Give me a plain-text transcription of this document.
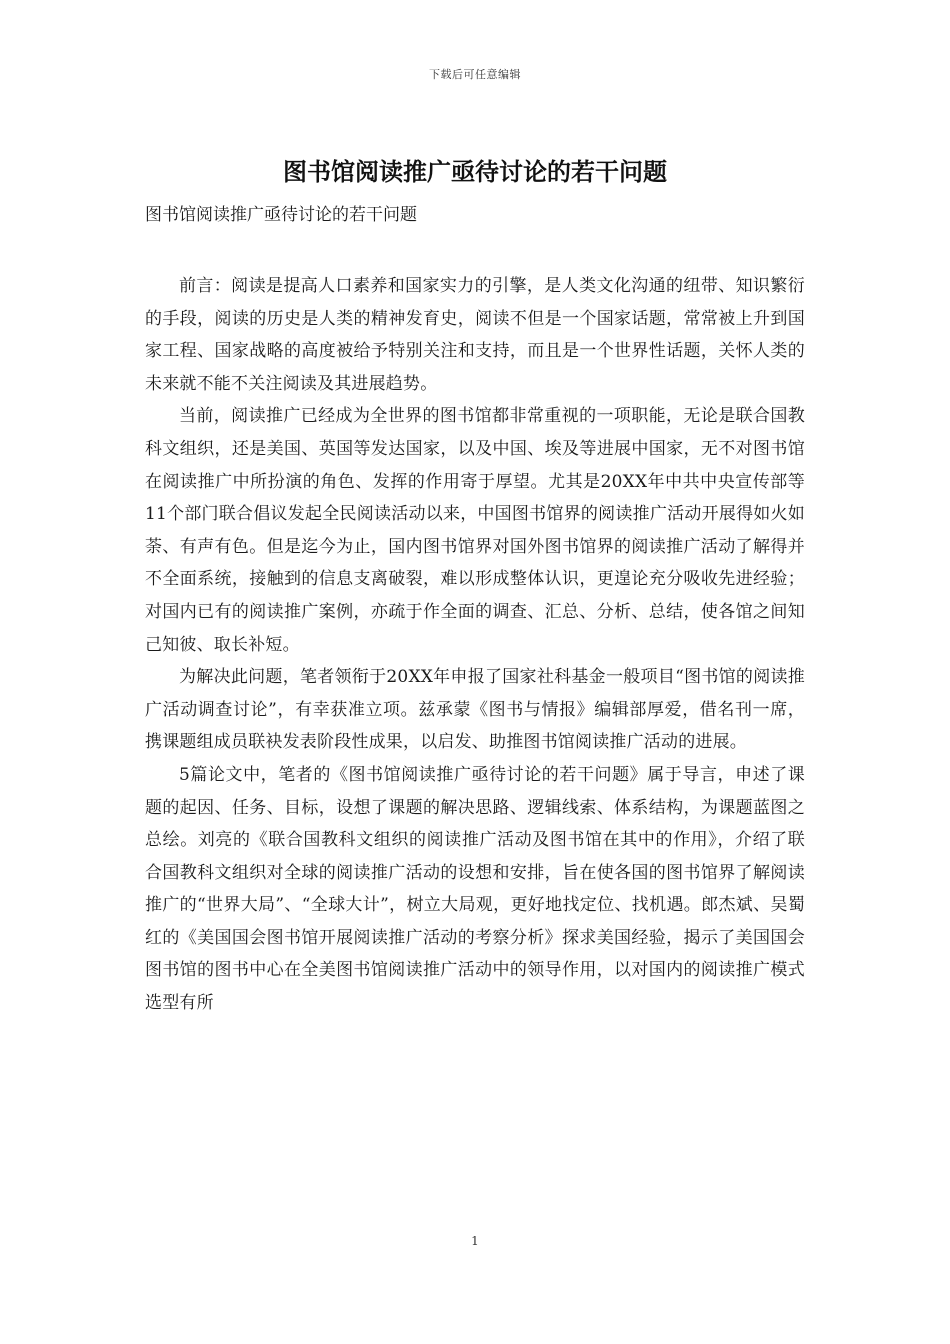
下载后可任意编辑
图书馆阅读推广亟待讨论的若干问题
图书馆阅读推广亟待讨论的若干问题

前言：阅读是提高人口素养和国家实力的引擎，是人类文化沟通的纽带、知识繁衍的手段，阅读的历史是人类的精神发育史，阅读不但是一个国家话题，常常被上升到国家工程、国家战略的高度被给予特别关注和支持，而且是一个世界性话题，关怀人类的未来就不能不关注阅读及其进展趋势。

当前，阅读推广已经成为全世界的图书馆都非常重视的一项职能，无论是联合国教科文组织，还是美国、英国等发达国家，以及中国、埃及等进展中国家，无不对图书馆在阅读推广中所扮演的角色、发挥的作用寄于厚望。尤其是20XX年中共中央宣传部等11个部门联合倡议发起全民阅读活动以来，中国图书馆界的阅读推广活动开展得如火如荼、有声有色。但是迄今为止，国内图书馆界对国外图书馆界的阅读推广活动了解得并不全面系统，接触到的信息支离破裂，难以形成整体认识，更遑论充分吸收先进经验；对国内已有的阅读推广案例，亦疏于作全面的调查、汇总、分析、总结，使各馆之间知己知彼、取长补短。

为解决此问题，笔者领衔于20XX年申报了国家社科基金一般项目“图书馆的阅读推广活动调查讨论”，有幸获准立项。兹承蒙《图书与情报》编辑部厚爱，借名刊一席，携课题组成员联袂发表阶段性成果，以启发、助推图书馆阅读推广活动的进展。

5篇论文中，笔者的《图书馆阅读推广亟待讨论的若干问题》属于导言，申述了课题的起因、任务、目标，设想了课题的解决思路、逻辑线索、体系结构，为课题蓝图之总绘。刘亮的《联合国教科文组织的阅读推广活动及图书馆在其中的作用》，介绍了联合国教科文组织对全球的阅读推广活动的设想和安排，旨在使各国的图书馆界了解阅读推广的“世界大局”、“全球大计”，树立大局观，更好地找定位、找机遇。郎杰斌、吴蜀红的《美国国会图书馆开展阅读推广活动的考察分析》探求美国经验，揭示了美国国会图书馆的图书中心在全美图书馆阅读推广活动中的领导作用，以对国内的阅读推广模式选型有所

1
